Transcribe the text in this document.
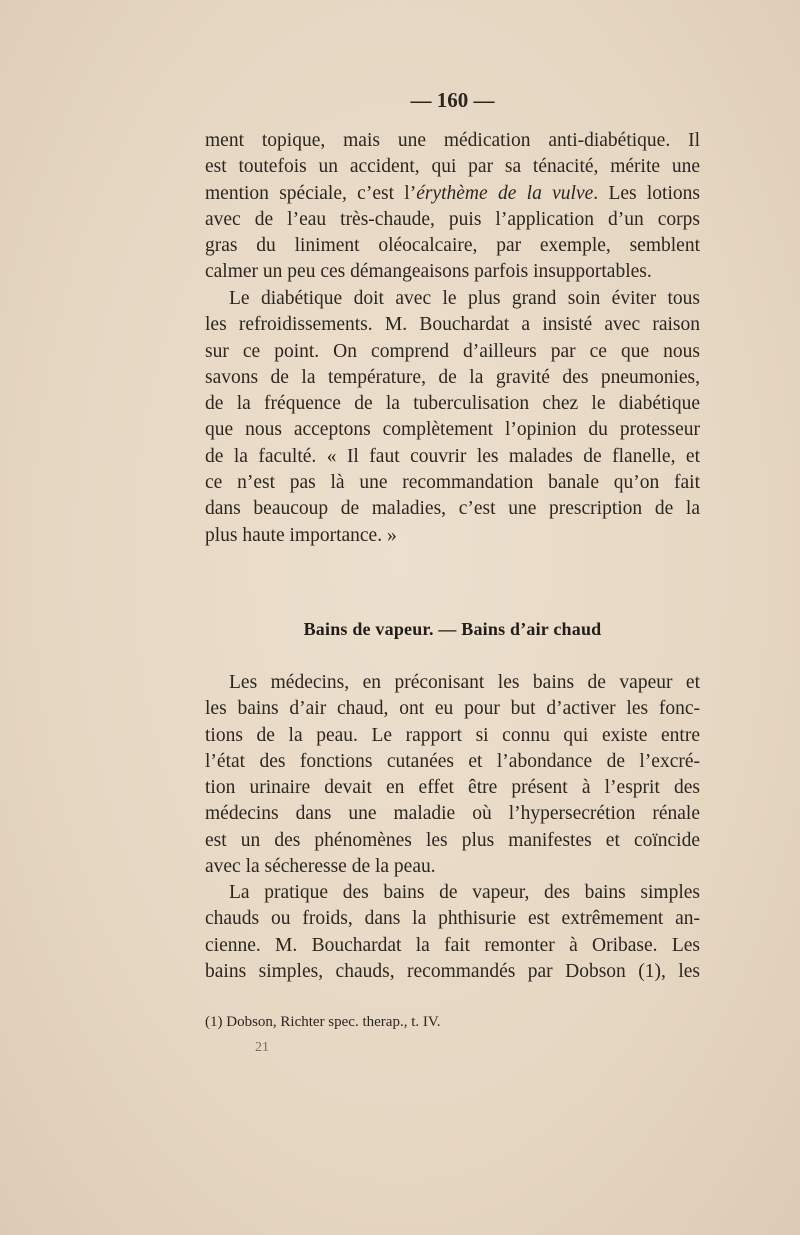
— 160 —
ment topique, mais une médication anti-diabétique. Il
est toutefois un accident, qui par sa ténacité, mérite une
mention spéciale, c’est l’érythème de la vulve. Les lotions
avec de l’eau très-chaude, puis l’application d’un corps
gras du liniment oléocalcaire, par exemple, semblent
calmer un peu ces démangeaisons parfois insupportables.
Le diabétique doit avec le plus grand soin éviter tous
les refroidissements. M. Bouchardat a insisté avec raison
sur ce point. On comprend d’ailleurs par ce que nous
savons de la température, de la gravité des pneumonies,
de la fréquence de la tuberculisation chez le diabétique
que nous acceptons complètement l’opinion du protesseur
de la faculté. « Il faut couvrir les malades de flanelle, et
ce n’est pas là une recommandation banale qu’on fait
dans beaucoup de maladies, c’est une prescription de la
plus haute importance. »
Bains de vapeur. — Bains d’air chaud
Les médecins, en préconisant les bains de vapeur et
les bains d’air chaud, ont eu pour but d’activer les fonc-
tions de la peau. Le rapport si connu qui existe entre
l’état des fonctions cutanées et l’abondance de l’excré-
tion urinaire devait en effet être présent à l’esprit des
médecins dans une maladie où l’hypersecrétion rénale
est un des phénomènes les plus manifestes et coïncide
avec la sécheresse de la peau.
La pratique des bains de vapeur, des bains simples
chauds ou froids, dans la phthisurie est extrêmement an-
cienne. M. Bouchardat la fait remonter à Oribase. Les
bains simples, chauds, recommandés par Dobson (1), les
(1) Dobson, Richter spec. therap., t. IV.
21
